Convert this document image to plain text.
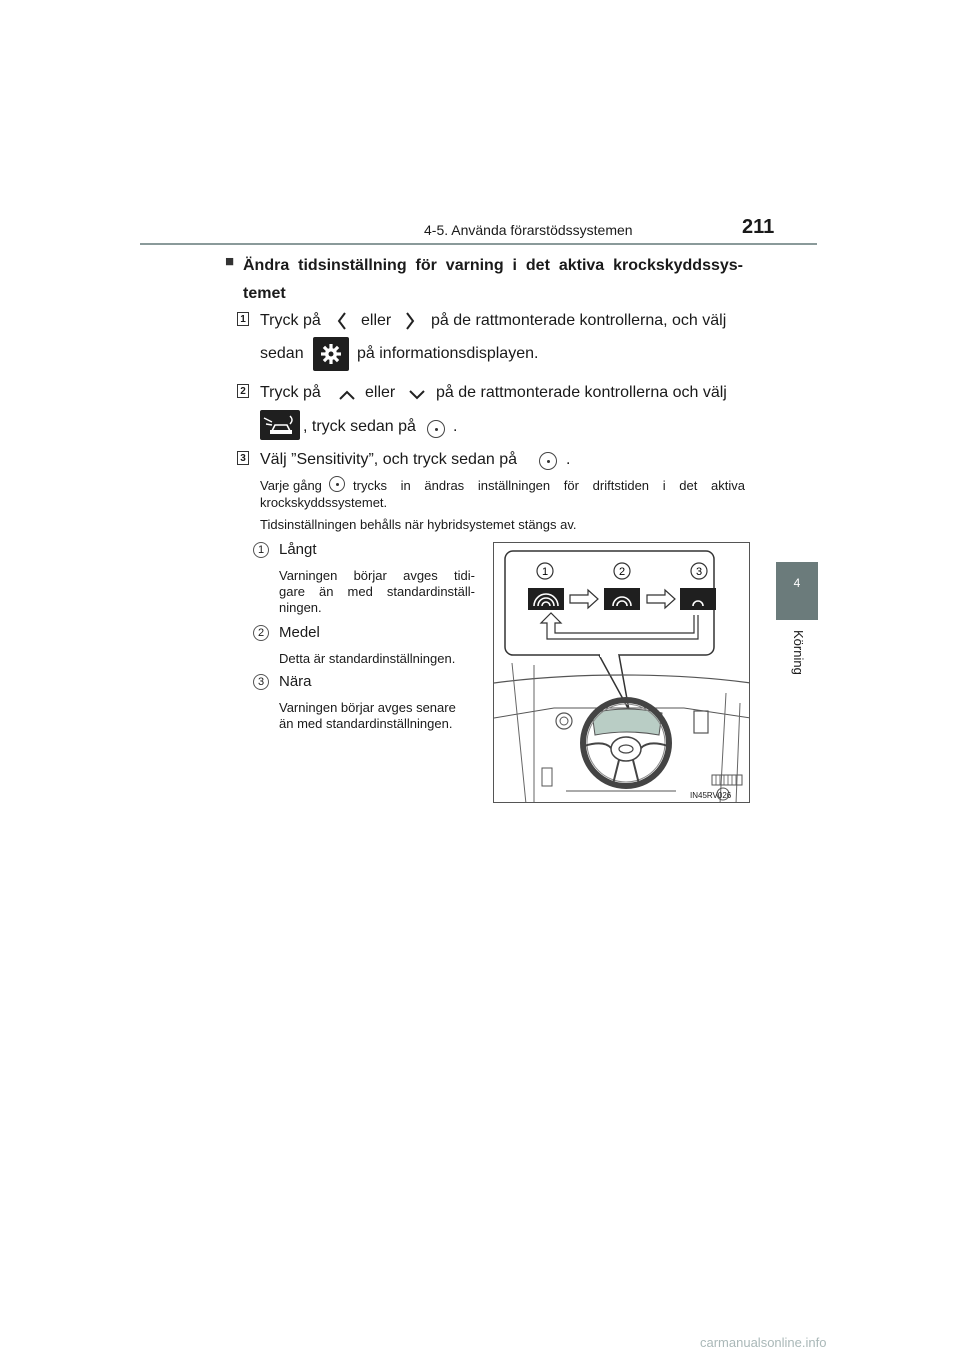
4-5. Använda förarstödssystemen	211
4
Körning
■ Ändra tidsinställning för varning i det aktiva krockskyddssys-
temet
1 Tryck på	eller på de rattmonterade kontrollerna, och välj
sedan	på informationsdisplayen.
2 Tryck på	eller	på de rattmonterade kontrollerna och välj
, tryck sedan på .
3 Välj ”Sensitivity”, och tryck sedan på	.
Varje gång trycks in ändras inställningen för driftstiden i det aktiva
krockskyddssystemet.
Tidsinställningen behålls när hybridsystemet stängs av.
1 Långt
Varningen börjar avges tidi-
gare än med standardinställ-
ningen.
2 Medel
Detta är standardinställningen.
3 Nära
Varningen börjar avges senare
än med standardinställningen.
1	2	3
IN45RV026
carmanualsonline.info
